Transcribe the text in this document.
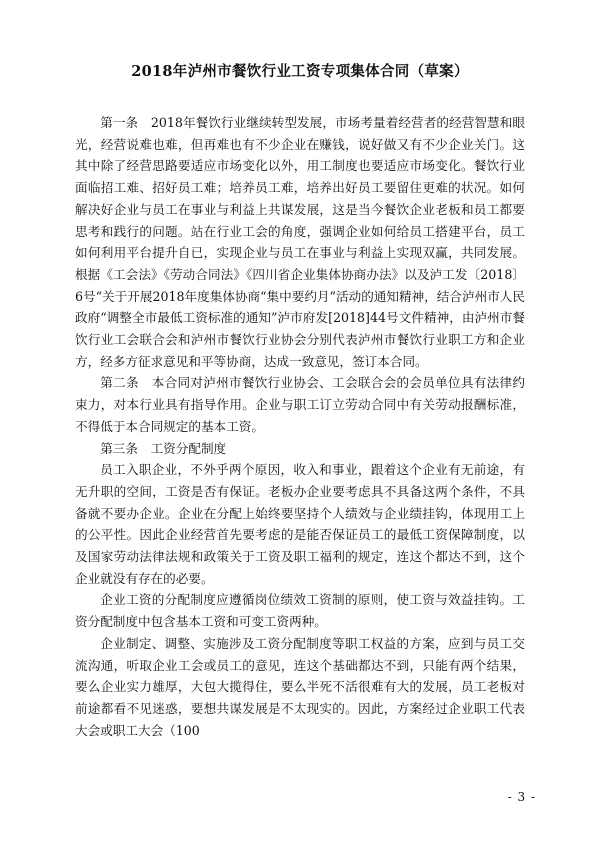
2018年泸州市餐饮行业工资专项集体合同（草案）

第一条　2018年餐饮行业继续转型发展，市场考量着经营者的经营智慧和眼光，经营说难也难，但再难也有不少企业在赚钱，说好做又有不少企业关门。这其中除了经营思路要适应市场变化以外，用工制度也要适应市场变化。餐饮行业面临招工难、招好员工难；培养员工难，培养出好员工要留住更难的状况。如何解决好企业与员工在事业与利益上共谋发展，这是当今餐饮企业老板和员工都要思考和践行的问题。站在行业工会的角度，强调企业如何给员工搭建平台，员工如何利用平台提升自已，实现企业与员工在事业与利益上实现双赢，共同发展。根据《工会法》《劳动合同法》《四川省企业集体协商办法》以及泸工发〔2018〕6号“关于开展2018年度集体协商“集中要约月”活动的通知精神，结合泸州市人民政府“调整全市最低工资标准的通知”泸市府发[2018]44号文件精神，由泸州市餐饮行业工会联合会和泸州市餐饮行业协会分别代表泸州市餐饮行业职工方和企业方，经多方征求意见和平等协商，达成一致意见，签订本合同。

第二条　本合同对泸州市餐饮行业协会、工会联合会的会员单位具有法律约束力，对本行业具有指导作用。企业与职工订立劳动合同中有关劳动报酬标准，不得低于本合同规定的基本工资。

第三条　工资分配制度

员工入职企业，不外乎两个原因，收入和事业，跟着这个企业有无前途，有无升职的空间，工资是否有保证。老板办企业要考虑具不具备这两个条件，不具备就不要办企业。企业在分配上始终要坚持个人绩效与企业绩挂钩，体现用工上的公平性。因此企业经营首先要考虑的是能否保证员工的最低工资保障制度，以及国家劳动法律法规和政策关于工资及职工福利的规定，连这个都达不到，这个企业就没有存在的必要。

企业工资的分配制度应遵循岗位绩效工资制的原则，使工资与效益挂钩。工资分配制度中包含基本工资和可变工资两种。

企业制定、调整、实施涉及工资分配制度等职工权益的方案，应到与员工交流沟通，听取企业工会或员工的意见，连这个基础都达不到，只能有两个结果，要么企业实力雄厚，大包大揽得住，要么半死不活很难有大的发展，员工老板对前途都看不见迷惑，要想共谋发展是不太现实的。因此，方案经过企业职工代表大会或职工大会（100

- 3 -
